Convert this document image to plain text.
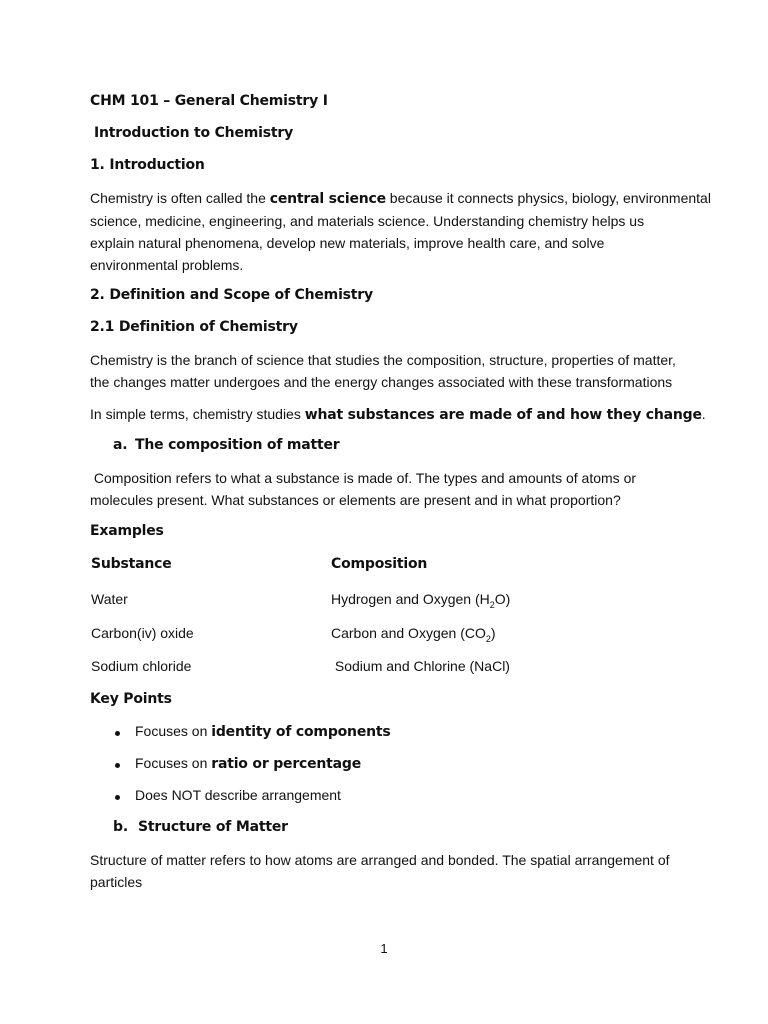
CHM 101 – General Chemistry I
Introduction to Chemistry
1. Introduction
Chemistry is often called the central science because it connects physics, biology, environmental
science, medicine, engineering, and materials science. Understanding chemistry helps us
explain natural phenomena, develop new materials, improve health care, and solve
environmental problems.
2. Definition and Scope of Chemistry
2.1 Definition of Chemistry
Chemistry is the branch of science that studies the composition, structure, properties of matter,
the changes matter undergoes and the energy changes associated with these transformations
In simple terms, chemistry studies what substances are made of and how they change.
a. The composition of matter
Composition refers to what a substance is made of. The types and amounts of atoms or
molecules present. What substances or elements are present and in what proportion?
Examples
Substance	Composition
Water	Hydrogen and Oxygen $(H_2O)$
Carbon(iv) oxide	Carbon and Oxygen $(CO_2)$
Sodium chloride	Sodium and Chlorine (NaCl)
Key Points
Focuses on identity of components
Focuses on ratio or percentage
Does NOT describe arrangement
b. Structure of Matter
Structure of matter refers to how atoms are arranged and bonded. The spatial arrangement of
particles
1
